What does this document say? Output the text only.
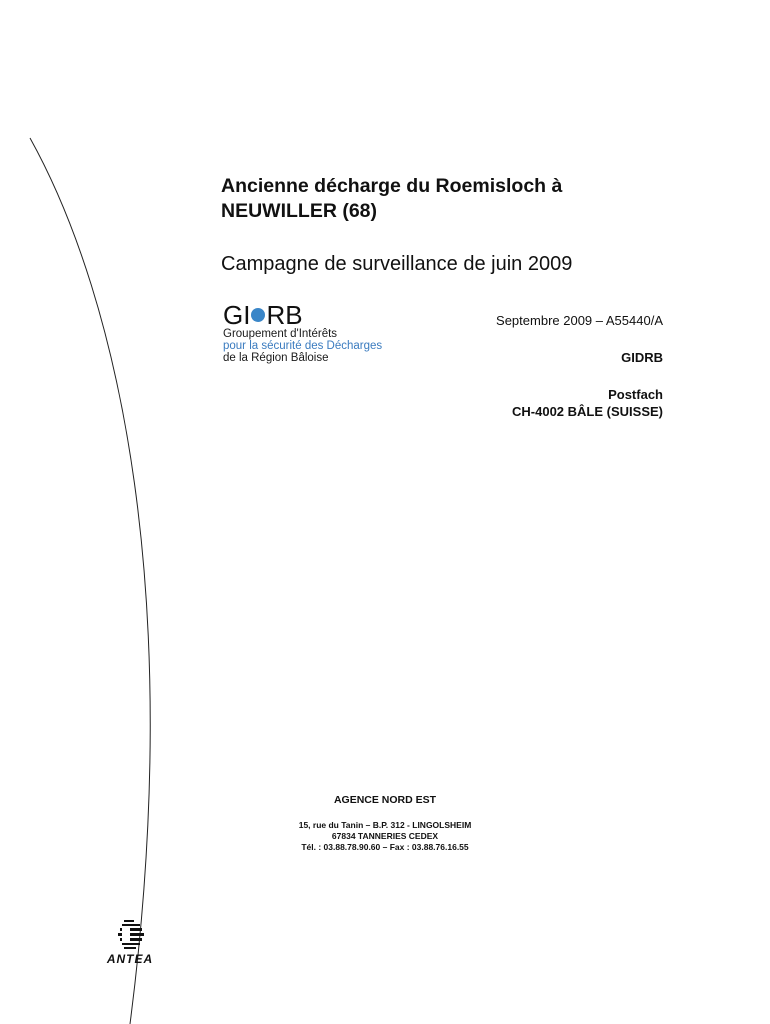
Ancienne décharge du Roemisloch à
NEUWILLER (68)
Campagne de surveillance de juin 2009
GI RB
Groupement d'Intérêts
pour la sécurité des Décharges
de la Région Bâloise
Septembre 2009 – A55440/A
GIDRB
Postfach
CH-4002 BÂLE (SUISSE)
AGENCE NORD EST
15, rue du Tanin – B.P. 312 - LINGOLSHEIM
67834 TANNERIES CEDEX
Tél. : 03.88.78.90.60 – Fax : 03.88.76.16.55
ANTEA
